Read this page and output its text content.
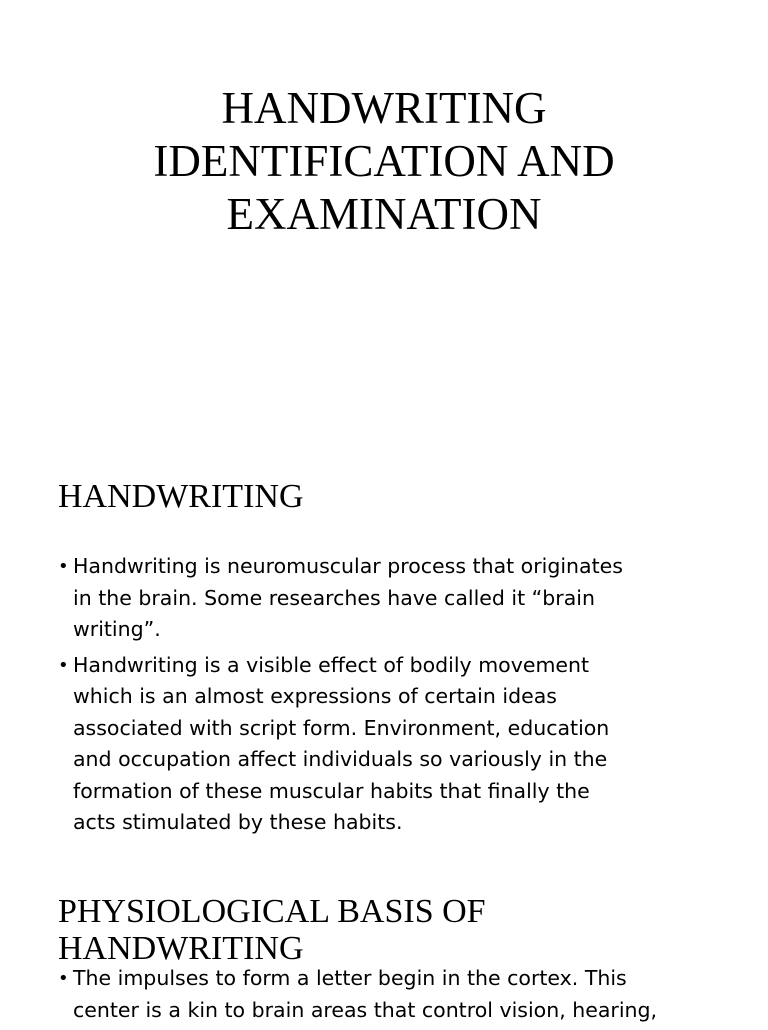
HANDWRITING
IDENTIFICATION AND
EXAMINATION
HANDWRITING
• Handwriting is neuromuscular process that originates
in the brain. Some researches have called it “brain
writing”.
• Handwriting is a visible effect of bodily movement
which is an almost expressions of certain ideas
associated with script form. Environment, education
and occupation affect individuals so variously in the
formation of these muscular habits that finally the
acts stimulated by these habits.
PHYSIOLOGICAL BASIS OF
HANDWRITING
• The impulses to form a letter begin in the cortex. This
center is a kin to brain areas that control vision, hearing,
